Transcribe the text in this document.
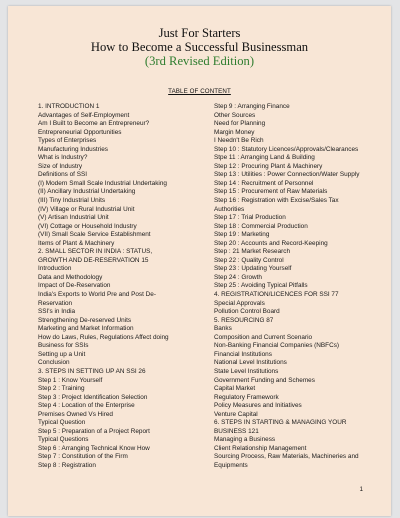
Just For Starters
How to Become a Successful Businessman
(3rd Revised Edition)
TABLE OF CONTENT
1. INTRODUCTION 1
Advantages of Self-Employment
Am I Built to Become an Entrepreneur?
Entrepreneurial Opportunities
Types of Enterprises
Manufacturing Industries
What is Industry?
Size of Industry
Definitions of SSI
(I) Modern Small Scale Industrial Undertaking
(II) Ancillary Industrial Undertaking
(III) Tiny Industrial Units
(IV) Village or Rural Industrial Unit
(V) Artisan Industrial Unit
(VI) Cottage or Household Industry
(VII) Small Scale Service Establishment
Items of Plant & Machinery
2. SMALL SECTOR IN INDIA : STATUS,
GROWTH AND DE-RESERVATION 15
Introduction
Data and Methodology
Impact of De-Reservation
India's Exports to World Pre and Post De-
Reservation
SSI's in India
Strengthening De-reserved Units
Marketing and Market Information
How do Laws, Rules, Regulations Affect doing
Business for SSIs
Setting up a Unit
Conclusion
3. STEPS IN SETTING UP AN SSI 26
Step 1 : Know Yourself
Step 2 : Training
Step 3 : Project Identification Selection
Step 4 : Location of the Enterprise
Premises Owned Vs Hired
Typical Question
Step 5 : Preparation of a Project Report
Typical Questions
Step 6 : Arranging Technical Know How
Step 7 : Constitution of the Firm
Step 8 : Registration
Step 9 : Arranging Finance
Other Sources
Need for Planning
Margin Money
I Needn't Be Rich
Step 10 : Statutory Licences/Approvals/Clearances
Stpe 11 : Arranging Land & Building
Step 12 : Procuring Plant & Machinery
Step 13 : Utilities : Power Connection/Water Supply
Step 14 : Recruitment of Personnel
Step 15 : Procurement of Raw Materials
Step 16 : Registration with Excise/Sales Tax
Authorities
Step 17 : Trial Production
Step 18 : Commercial Production
Step 19 : Marketing
Step 20 : Accounts and Record-Keeping
Step : 21 Market Research
Step 22 : Quality Control
Step 23 : Updating Yourself
Step 24 : Growth
Step 25 : Avoiding Typical Pitfalls
4. REGISTRATION/LICENCES FOR SSI 77
Special Approvals
Pollution Control Board
5. RESOURCING 87
Banks
Composition and Current Scenario
Non-Banking Financial Companies (NBFCs)
Financial Institutions
National Level Institutions
State Level Institutions
Government Funding and Schemes
Capital Market
Regulatory Framework
Policy Measures and Initiatives
Venture Capital
6. STEPS IN STARTING & MANAGING YOUR
BUSINESS 121
Managing a Business
Client Relationship Management
Sourcing Process, Raw Materials, Machineries and
Equipments
1
